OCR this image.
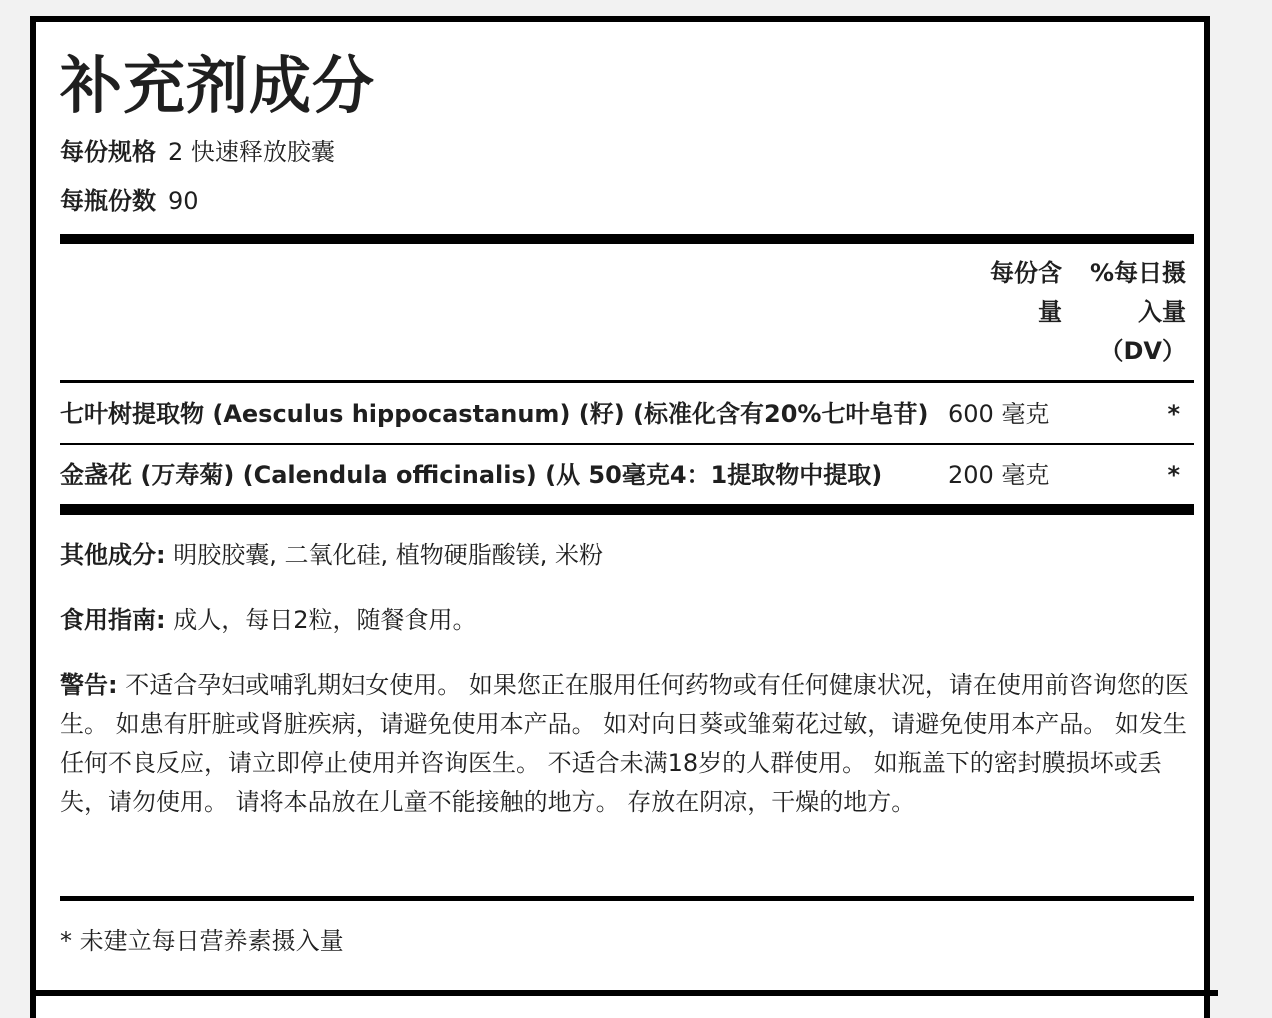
补充剂成分
每份规格 2 快速释放胶囊
每瓶份数 90
每份含量
%每日摄入量（DV）
七叶树提取物 (Aesculus hippocastanum) (籽) (标准化含有20%七叶皂苷) 600 毫克	*
金盏花 (万寿菊) (Calendula officinalis) (从 50毫克4：1提取物中提取)	200 毫克	*

其他成分: 明胶胶囊, 二氧化硅, 植物硬脂酸镁, 米粉

食用指南: 成人，每日2粒，随餐食用。

警告: 不适合孕妇或哺乳期妇女使用。 如果您正在服用任何药物或有任何健康状况，请在使用前咨询您的医生。 如患有肝脏或肾脏疾病，请避免使用本产品。 如对向日葵或雏菊花过敏，请避免使用本产品。 如发生任何不良反应，请立即停止使用并咨询医生。 不适合未满18岁的人群使用。 如瓶盖下的密封膜损坏或丢失，请勿使用。 请将本品放在儿童不能接触的地方。 存放在阴凉，干燥的地方。

* 未建立每日营养素摄入量
